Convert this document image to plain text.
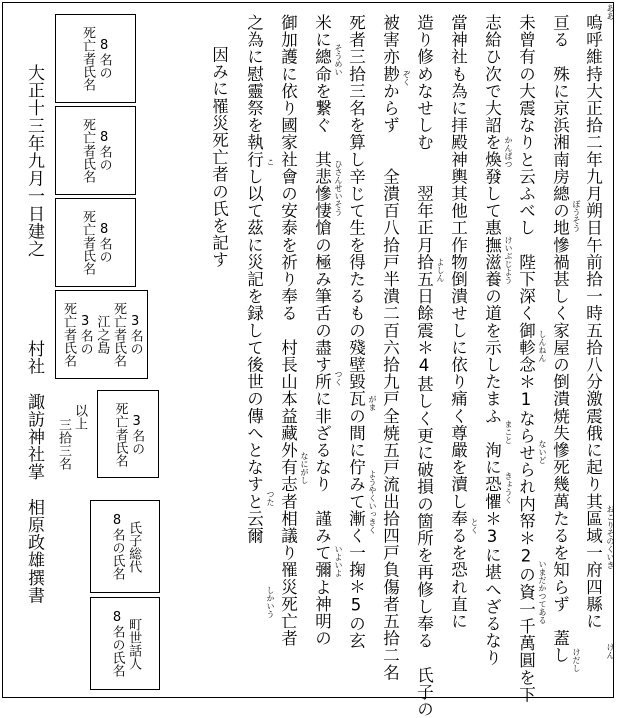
嗚呼維持大正拾二年九月朔日午前拾一時五拾八分激震俄に起り其區域一府四縣に
亘る　殊に京浜湘南房總の地慘禍甚しく家屋の倒潰焼失慘死幾萬たるを知らず　蓋し
未曾有の大震なりと云ふべし　陛下深く御軫念＊1ならせられ内帑＊2の資一千萬圓を下
志給ひ次で大詔を煥發して惠撫滋養の道を示したまふ　洵に恐懼＊3に堪へざるなり
當神社も為に拝殿神輿其他工作物倒潰せしに依り痛く尊嚴を瀆し奉るを恐れ直に
造り修めなせしむ　　翌年正月拾五日餘震＊4甚しく更に破損の箇所を再修し奉る　氏子の
被害亦尠からず　　全潰百八拾戸半潰二百六拾九戸全焼五戸流出拾四戸負傷者五拾二名
死者三拾三名を算し辛じて生を得たるもの殘壁毀瓦の間に佇みて漸く一掬＊5の玄
米に總命を繋ぐ　其悲慘悽愴の極み筆舌の盡す所に非ざるなり　謹みて彌よ神明の
御加護に依り國家社會の安泰を祈り奉る　村長山本益藏外有志者相議り罹災死亡者
之為に慰靈祭を執行し以て茲に災記を録して後世の傳へとなすと云爾
因みに罹災死亡者の氏を記す
ああ
おこりそのくいき
けん
ぼうそう
けだし
いまだかつてある
しんねん
ないど
かんぱつ
けいぶじよう
まこと
きょうく
とく
よしん
ぞく
がま
ようやくいっきく
そうめい
ひさんせいそう
つく
いよいよ
なにがし
こ
つた
しかいう
8名の
死亡者氏名
8名の
死亡者氏名
8名の
死亡者氏名
3名の
死亡者氏名
江之島
3名の
死亡者氏名
3名の
死亡者氏名
以上
三拾三名
氏子総代
8名の氏名
町世話人
8名の氏名
大正十三年九月一日建之
村社　諏訪神社掌　相原政雄撰書
